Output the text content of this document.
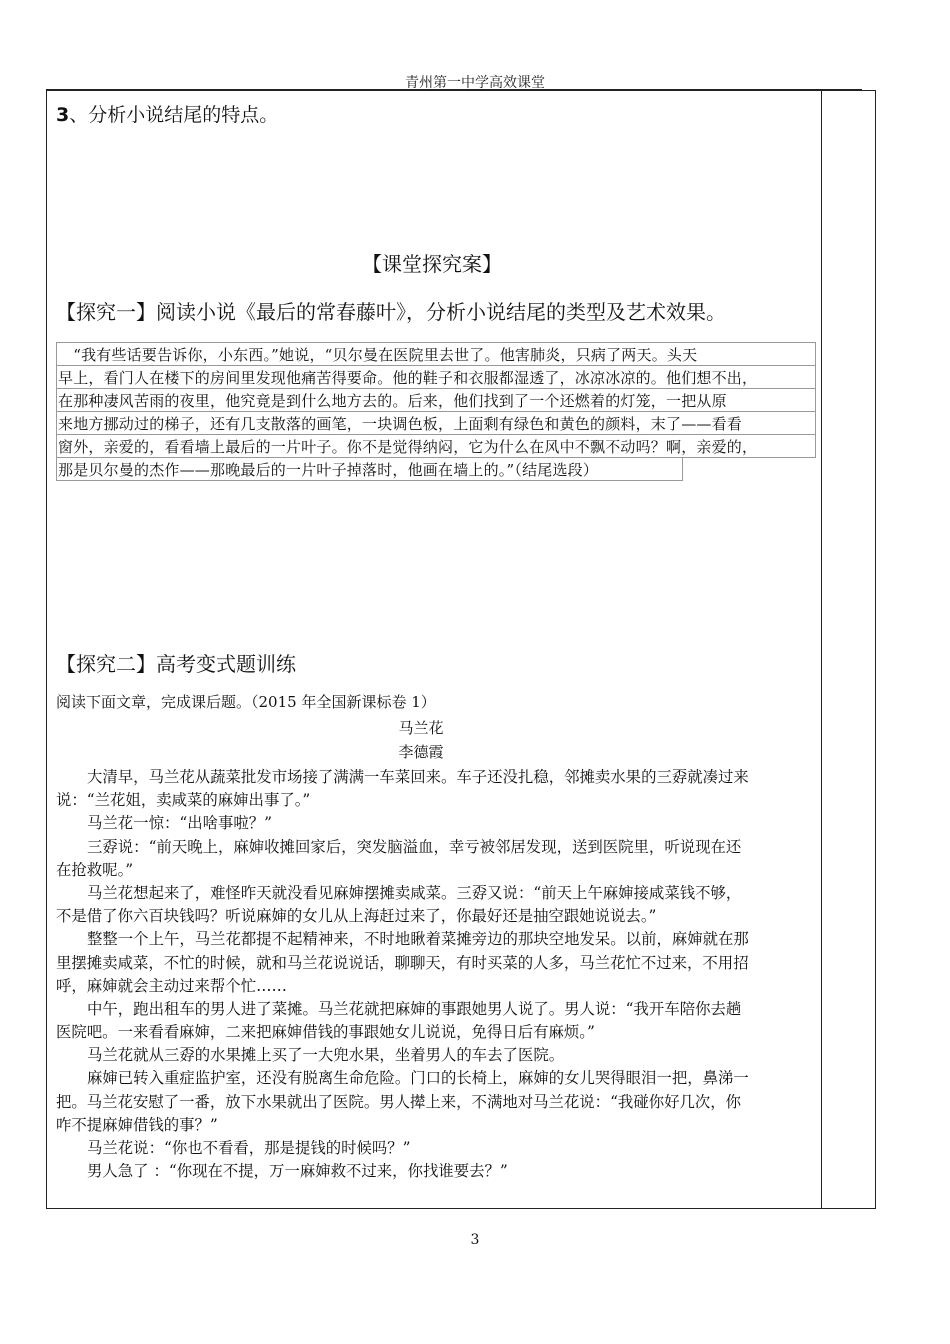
青州第一中学高效课堂
3、分析小说结尾的特点。
【课堂探究案】
【探究一】阅读小说《最后的常春藤叶》，分析小说结尾的类型及艺术效果。
　“我有些话要告诉你，小东西。”她说，“贝尔曼在医院里去世了。他害肺炎，只病了两天。头天
早上，看门人在楼下的房间里发现他痛苦得要命。他的鞋子和衣服都湿透了，冰凉冰凉的。他们想不出，
在那种凄风苦雨的夜里，他究竟是到什么地方去的。后来，他们找到了一个还燃着的灯笼，一把从原
来地方挪动过的梯子，还有几支散落的画笔，一块调色板，上面剩有绿色和黄色的颜料，末了——看看
窗外，亲爱的，看看墙上最后的一片叶子。你不是觉得纳闷，它为什么在风中不飘不动吗？啊，亲爱的，
那是贝尔曼的杰作——那晚最后的一片叶子掉落时，他画在墙上的。”（结尾选段）
【探究二】高考变式题训练
阅读下面文章，完成课后题。（2015 年全国新课标卷 1）
马兰花
李德霞
大清早，马兰花从蔬菜批发市场接了满满一车菜回来。车子还没扎稳，邻摊卖水果的三孬就凑过来
说：“兰花姐，卖咸菜的麻婶出事了。”
马兰花一惊：“出啥事啦？”
三孬说：“前天晚上，麻婶收摊回家后，突发脑溢血，幸亏被邻居发现，送到医院里，听说现在还
在抢救呢。”
马兰花想起来了，难怪昨天就没看见麻婶摆摊卖咸菜。三孬又说：“前天上午麻婶接咸菜钱不够，
不是借了你六百块钱吗？听说麻婶的女儿从上海赶过来了，你最好还是抽空跟她说说去。”
整整一个上午，马兰花都提不起精神来，不时地瞅着菜摊旁边的那块空地发呆。以前，麻婶就在那
里摆摊卖咸菜，不忙的时候，就和马兰花说说话，聊聊天，有时买菜的人多，马兰花忙不过来，不用招
呼，麻婶就会主动过来帮个忙……
中午，跑出租车的男人进了菜摊。马兰花就把麻婶的事跟她男人说了。男人说：“我开车陪你去趟
医院吧。一来看看麻婶，二来把麻婶借钱的事跟她女儿说说，免得日后有麻烦。”
马兰花就从三孬的水果摊上买了一大兜水果，坐着男人的车去了医院。
麻婶已转入重症监护室，还没有脱离生命危险。门口的长椅上，麻婶的女儿哭得眼泪一把，鼻涕一
把。马兰花安慰了一番，放下水果就出了医院。男人撵上来，不满地对马兰花说：“我碰你好几次，你
咋不提麻婶借钱的事？”
马兰花说：“你也不看看，那是提钱的时候吗？”
男人急了 ：“你现在不提，万一麻婶救不过来，你找谁要去？”
3
